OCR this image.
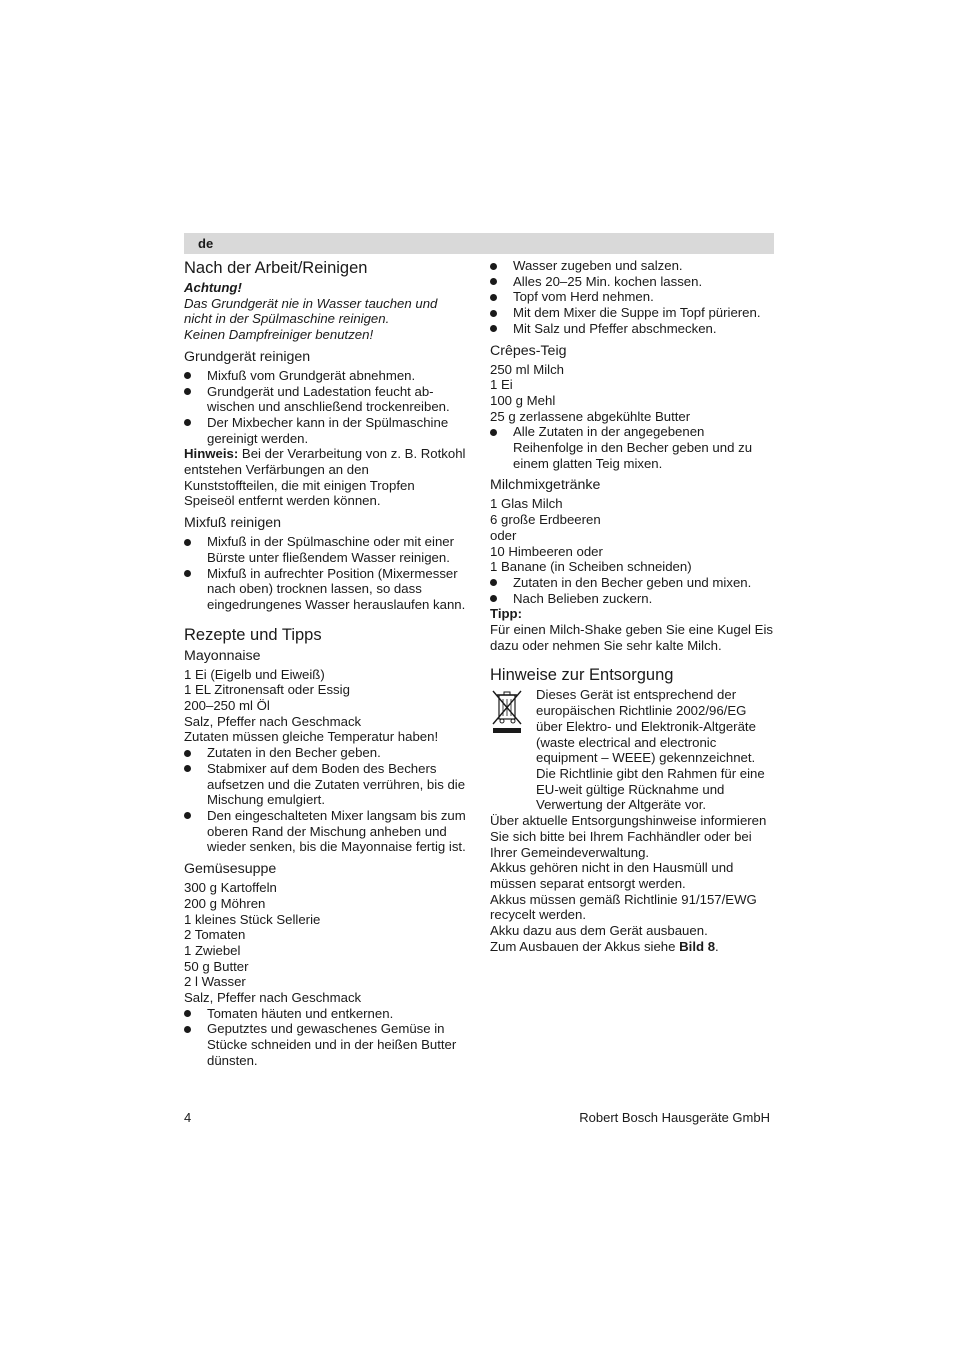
de
Nach der Arbeit/Reinigen
Achtung!
Das Grundgerät nie in Wasser tauchen und
nicht in der Spülmaschine reinigen.
Keinen Dampfreiniger benutzen!
Grundgerät reinigen
Mixfuß vom Grundgerät abnehmen.
Grundgerät und Ladestation feucht ab-
wischen und anschließend trockenreiben.
Der Mixbecher kann in der Spülmaschine
gereinigt werden.
Hinweis: Bei der Verarbeitung von z. B. Rotkohl
entstehen Verfärbungen an den
Kunststoffteilen, die mit einigen Tropfen
Speiseöl entfernt werden können.
Mixfuß reinigen
Mixfuß in der Spülmaschine oder mit einer
Bürste unter fließendem Wasser reinigen.
Mixfuß in aufrechter Position (Mixermesser
nach oben) trocknen lassen, so dass
eingedrungenes Wasser herauslaufen kann.
Rezepte und Tipps
Mayonnaise
1 Ei (Eigelb und Eiweiß)
1 EL Zitronensaft oder Essig
200–250 ml Öl
Salz, Pfeffer nach Geschmack
Zutaten müssen gleiche Temperatur haben!
Zutaten in den Becher geben.
Stabmixer auf dem Boden des Bechers
aufsetzen und die Zutaten verrühren, bis die
Mischung emulgiert.
Den eingeschalteten Mixer langsam bis zum
oberen Rand der Mischung anheben und
wieder senken, bis die Mayonnaise fertig ist.
Gemüsesuppe
300 g Kartoffeln
200 g Möhren
1 kleines Stück Sellerie
2 Tomaten
1 Zwiebel
50 g Butter
2 l Wasser
Salz, Pfeffer nach Geschmack
Tomaten häuten und entkernen.
Geputztes und gewaschenes Gemüse in
Stücke schneiden und in der heißen Butter
dünsten.
Wasser zugeben und salzen.
Alles 20–25 Min. kochen lassen.
Topf vom Herd nehmen.
Mit dem Mixer die Suppe im Topf pürieren.
Mit Salz und Pfeffer abschmecken.
Crêpes-Teig
250 ml Milch
1 Ei
100 g Mehl
25 g zerlassene abgekühlte Butter
Alle Zutaten in der angegebenen
Reihenfolge in den Becher geben und zu
einem glatten Teig mixen.
Milchmixgetränke
1 Glas Milch
6 große Erdbeeren
oder
10 Himbeeren oder
1 Banane (in Scheiben schneiden)
Zutaten in den Becher geben und mixen.
Nach Belieben zuckern.
Tipp:
Für einen Milch-Shake geben Sie eine Kugel Eis
dazu oder nehmen Sie sehr kalte Milch.
Hinweise zur Entsorgung
Dieses Gerät ist entsprechend der
europäischen Richtlinie 2002/96/EG
über Elektro- und Elektronik-Altgeräte
(waste electrical and electronic
equipment – WEEE) gekennzeichnet.
Die Richtlinie gibt den Rahmen für eine
EU-weit gültige Rücknahme und
Verwertung der Altgeräte vor.
Über aktuelle Entsorgungshinweise informieren
Sie sich bitte bei Ihrem Fachhändler oder bei
Ihrer Gemeindeverwaltung.
Akkus gehören nicht in den Hausmüll und
müssen separat entsorgt werden.
Akkus müssen gemäß Richtlinie 91/157/EWG
recycelt werden.
Akku dazu aus dem Gerät ausbauen.
Zum Ausbauen der Akkus siehe Bild 8.
4	Robert Bosch Hausgeräte GmbH
